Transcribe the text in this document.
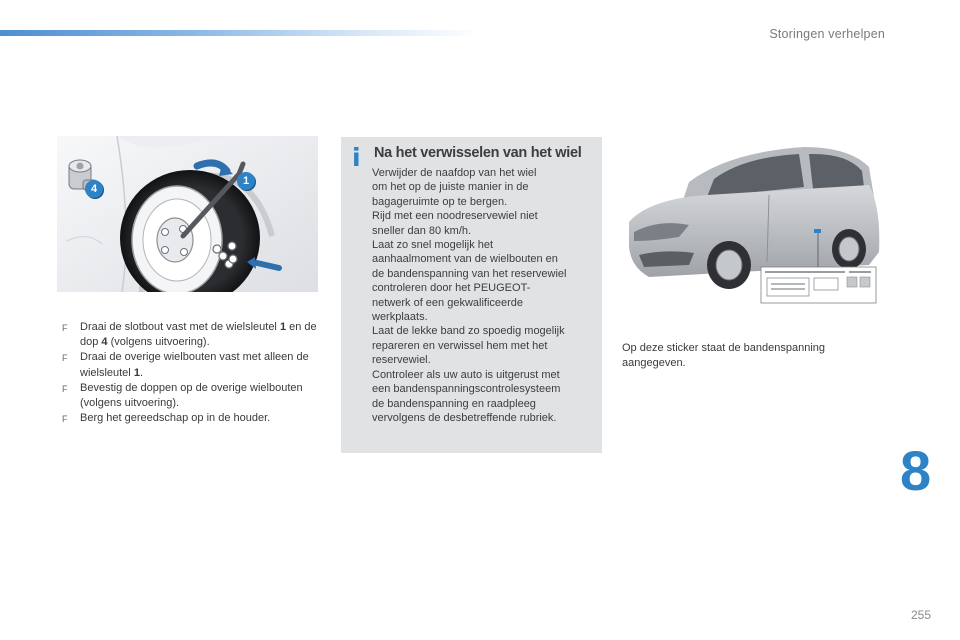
Storingen verhelpen
4
1
F Draai de slotbout vast met de wielsleutel 1 en de dop 4 (volgens uitvoering).
F Draai de overige wielbouten vast met alleen de wielsleutel 1.
F Bevestig de doppen op de overige wielbouten (volgens uitvoering).
F Berg het gereedschap op in de houder.
i Na het verwisselen van het wiel
Verwijder de naafdop van het wiel
om het op de juiste manier in de
bagageruimte op te bergen.
Rijd met een noodreservewiel niet
sneller dan 80 km/h.
Laat zo snel mogelijk het
aanhaalmoment van de wielbouten en
de bandenspanning van het reservewiel
controleren door het PEUGEOT-
netwerk of een gekwalificeerde
werkplaats.
Laat de lekke band zo spoedig mogelijk
repareren en verwissel hem met het
reservewiel.
Controleer als uw auto is uitgerust met
een bandenspanningscontrolesysteem
de bandenspanning en raadpleeg
vervolgens de desbetreffende rubriek.
Op deze sticker staat de bandenspanning aangegeven.
8
255
